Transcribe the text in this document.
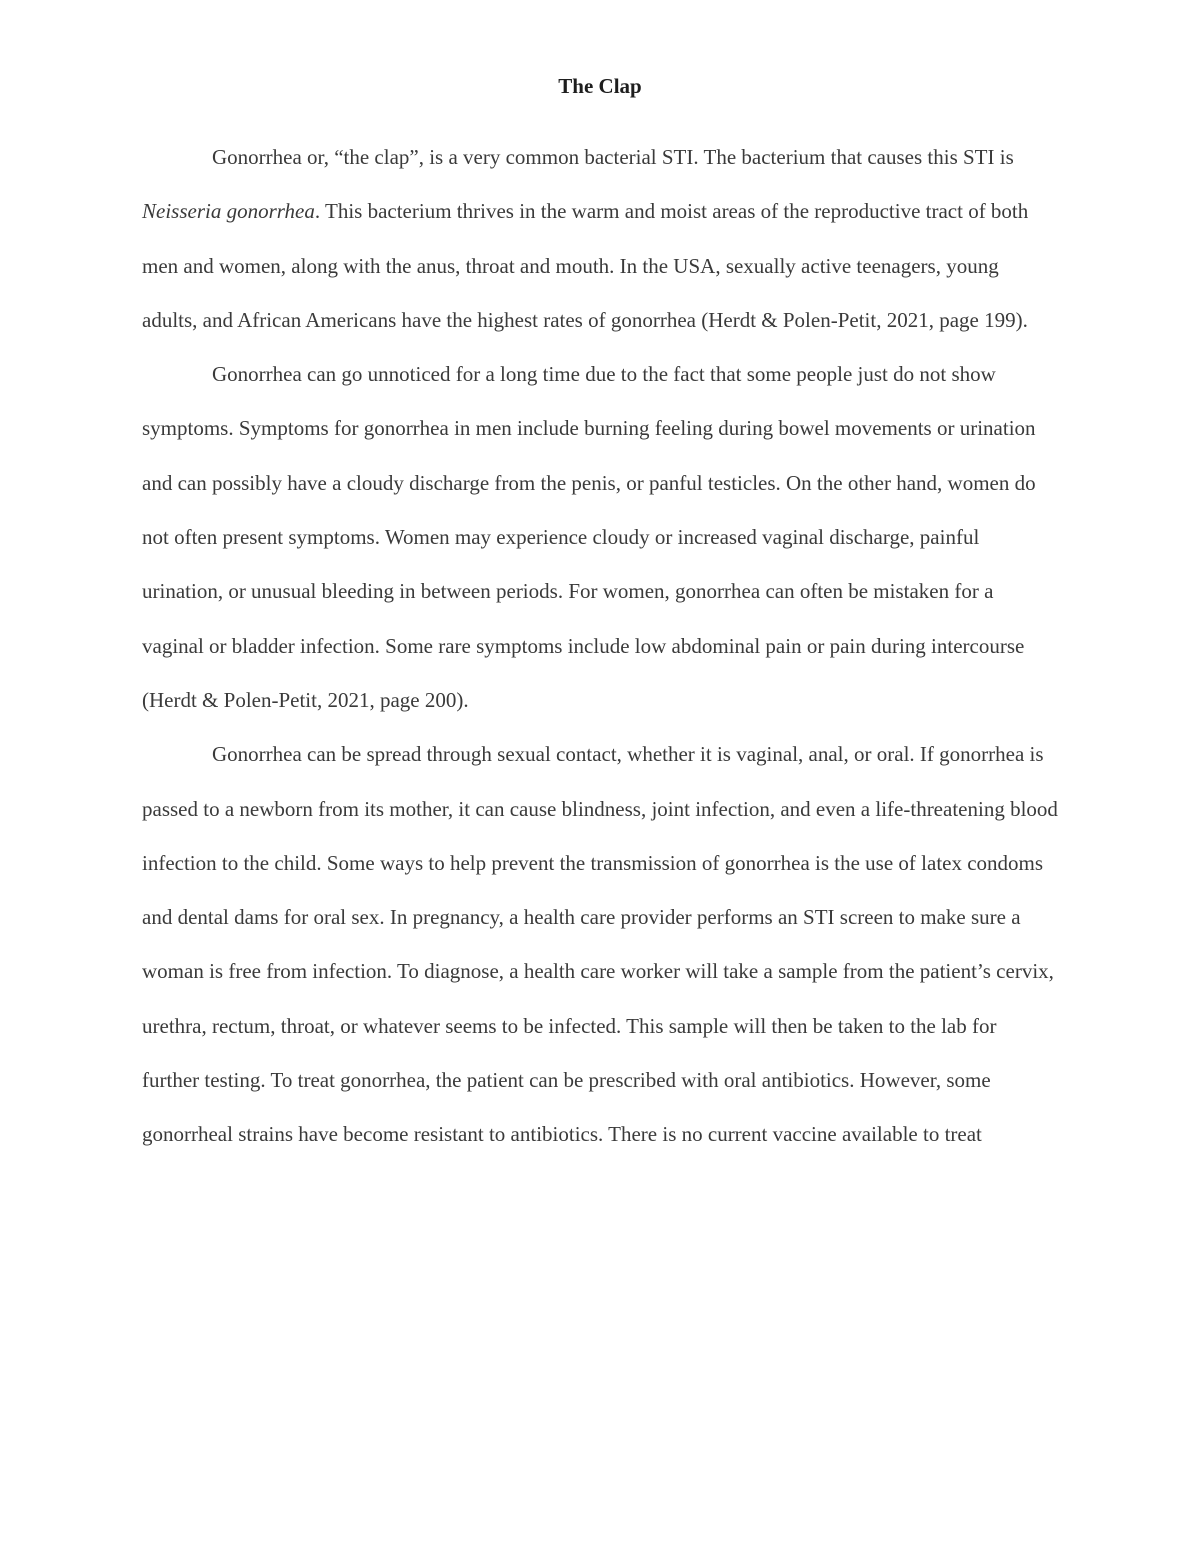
The Clap

Gonorrhea or, “the clap”, is a very common bacterial STI. The bacterium that causes this STI is Neisseria gonorrhea. This bacterium thrives in the warm and moist areas of the reproductive tract of both men and women, along with the anus, throat and mouth. In the USA, sexually active teenagers, young adults, and African Americans have the highest rates of gonorrhea (Herdt & Polen-Petit, 2021, page 199).

Gonorrhea can go unnoticed for a long time due to the fact that some people just do not show symptoms. Symptoms for gonorrhea in men include burning feeling during bowel movements or urination and can possibly have a cloudy discharge from the penis, or panful testicles. On the other hand, women do not often present symptoms. Women may experience cloudy or increased vaginal discharge, painful urination, or unusual bleeding in between periods. For women, gonorrhea can often be mistaken for a vaginal or bladder infection. Some rare symptoms include low abdominal pain or pain during intercourse (Herdt & Polen-Petit, 2021, page 200).

Gonorrhea can be spread through sexual contact, whether it is vaginal, anal, or oral. If gonorrhea is passed to a newborn from its mother, it can cause blindness, joint infection, and even a life-threatening blood infection to the child. Some ways to help prevent the transmission of gonorrhea is the use of latex condoms and dental dams for oral sex. In pregnancy, a health care provider performs an STI screen to make sure a woman is free from infection. To diagnose, a health care worker will take a sample from the patient’s cervix, urethra, rectum, throat, or whatever seems to be infected. This sample will then be taken to the lab for further testing. To treat gonorrhea, the patient can be prescribed with oral antibiotics. However, some gonorrheal strains have become resistant to antibiotics. There is no current vaccine available to treat
